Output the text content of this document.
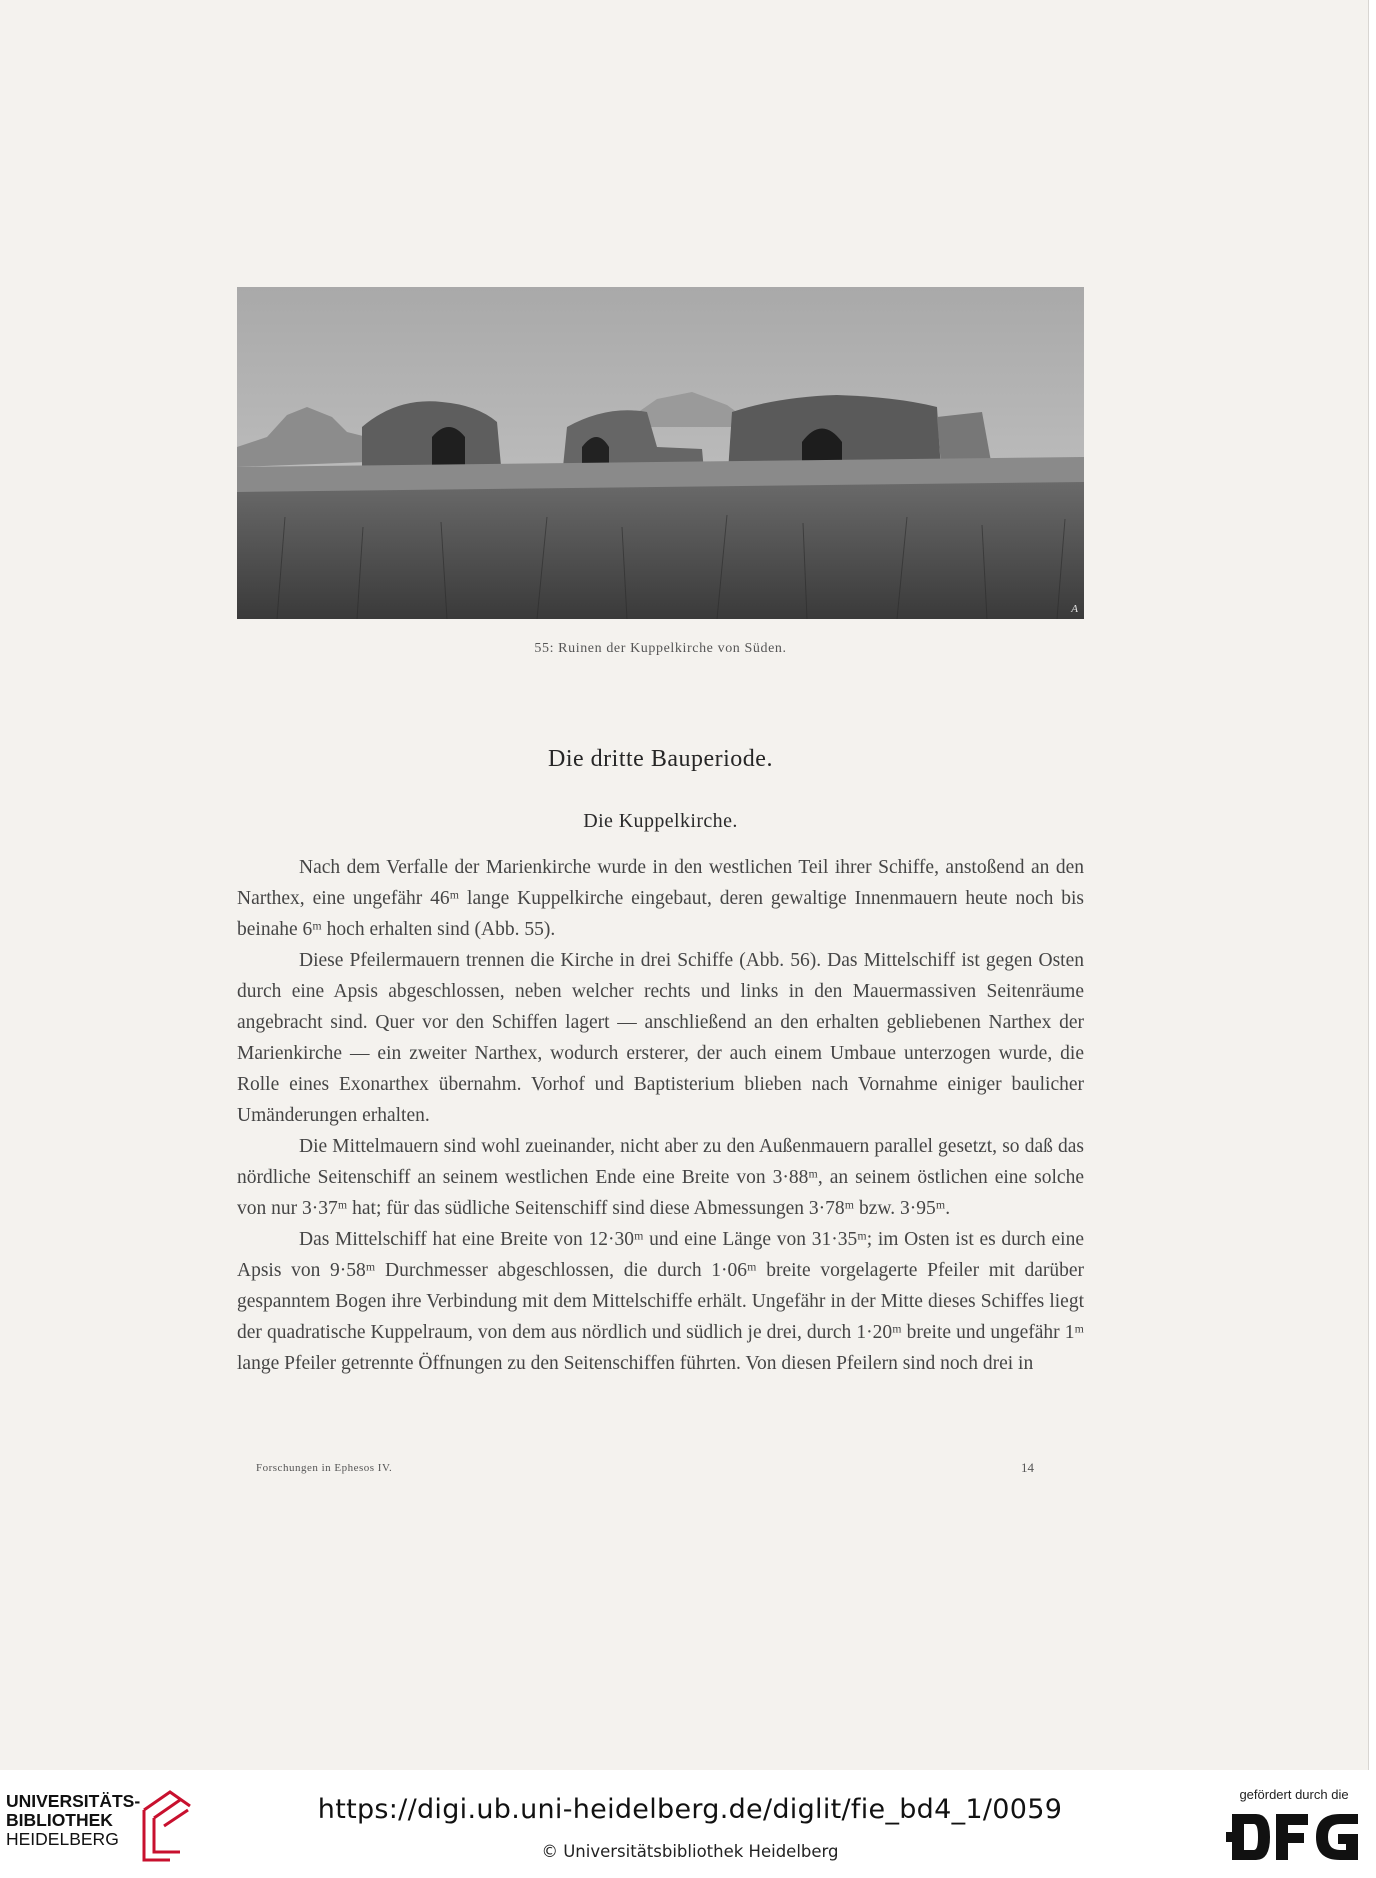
A
55: Ruinen der Kuppelkirche von Süden.
Die dritte Bauperiode.
Die Kuppelkirche.

Nach dem Verfalle der Marienkirche wurde in den westlichen Teil ihrer Schiffe, anstoßend an den Narthex, eine ungefähr 46ᵐ lange Kuppelkirche eingebaut, deren gewaltige Innenmauern heute noch bis beinahe 6ᵐ hoch erhalten sind (Abb. 55).

Diese Pfeilermauern trennen die Kirche in drei Schiffe (Abb. 56). Das Mittelschiff ist gegen Osten durch eine Apsis abgeschlossen, neben welcher rechts und links in den Mauermassiven Seitenräume angebracht sind. Quer vor den Schiffen lagert — anschließend an den erhalten gebliebenen Narthex der Marienkirche — ein zweiter Narthex, wodurch ersterer, der auch einem Umbaue unterzogen wurde, die Rolle eines Exonarthex übernahm. Vorhof und Baptisterium blieben nach Vornahme einiger baulicher Umänderungen erhalten.

Die Mittelmauern sind wohl zueinander, nicht aber zu den Außenmauern parallel gesetzt, so daß das nördliche Seitenschiff an seinem westlichen Ende eine Breite von 3·88ᵐ, an seinem östlichen eine solche von nur 3·37ᵐ hat; für das südliche Seitenschiff sind diese Abmessungen 3·78ᵐ bzw. 3·95ᵐ.

Das Mittelschiff hat eine Breite von 12·30ᵐ und eine Länge von 31·35ᵐ; im Osten ist es durch eine Apsis von 9·58ᵐ Durchmesser abgeschlossen, die durch 1·06ᵐ breite vorgelagerte Pfeiler mit darüber gespanntem Bogen ihre Verbindung mit dem Mittelschiffe erhält. Ungefähr in der Mitte dieses Schiffes liegt der quadratische Kuppelraum, von dem aus nördlich und südlich je drei, durch 1·20ᵐ breite und ungefähr 1ᵐ lange Pfeiler getrennte Öffnungen zu den Seitenschiffen führten. Von diesen Pfeilern sind noch drei in

Forschungen in Ephesos IV.	14
UNIVERSITÄTS-
BIBLIOTHEK
HEIDELBERG
https://digi.ub.uni-heidelberg.de/diglit/fie_bd4_1/0059
© Universitätsbibliothek Heidelberg
gefördert durch die
